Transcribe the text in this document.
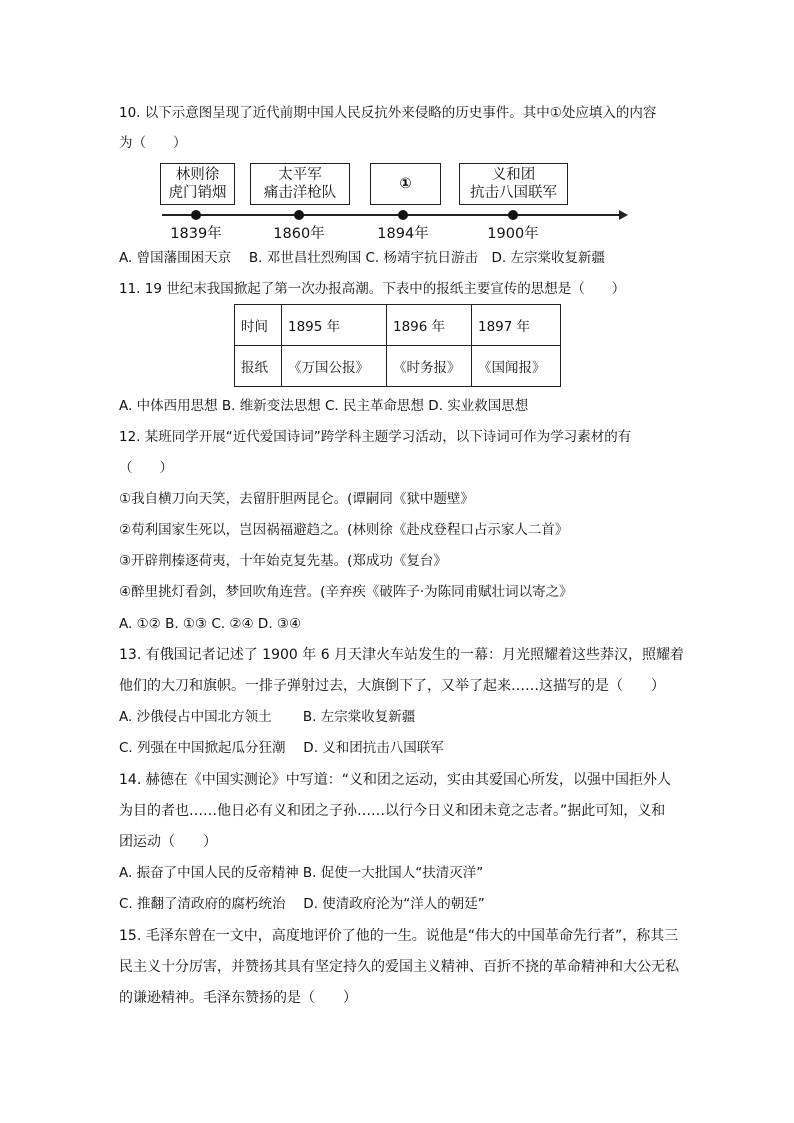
10. 以下示意图呈现了近代前期中国人民反抗外来侵略的历史事件。其中①处应填入的内容
为（　　）
林则徐
虎门销烟
太平军
痛击洋枪队
①
义和团
抗击八国联军
1839年	1860年	1894年	1900年
A. 曾国藩围困天京　 B. 邓世昌壮烈殉国 C. 杨靖宇抗日游击　D. 左宗棠收复新疆
11. 19 世纪末我国掀起了第一次办报高潮。下表中的报纸主要宣传的思想是（　　）
时间	1895 年	1896 年	1897 年
报纸	《万国公报》	《时务报》	《国闻报》
A. 中体西用思想 B. 维新变法思想 C. 民主革命思想 D. 实业救国思想
12. 某班同学开展“近代爱国诗词”跨学科主题学习活动，以下诗词可作为学习素材的有
（　　）
①我自横刀向天笑，去留肝胆两昆仑。(谭嗣同《狱中题壁》
②苟利国家生死以，岂因祸福避趋之。(林则徐《赴戍登程口占示家人二首》
③开辟荆榛逐荷夷，十年始克复先基。(郑成功《复台》
④醉里挑灯看剑，梦回吹角连营。(辛弃疾《破阵子·为陈同甫赋壮词以寄之》
A. ①② B. ①③ C. ②④ D. ③④
13. 有俄国记者记述了 1900 年 6 月天津火车站发生的一幕：月光照耀着这些莽汉，照耀着
他们的大刀和旗帜。一排子弹射过去，大旗倒下了，又举了起来……这描写的是（　　）
A. 沙俄侵占中国北方领土　　 B. 左宗棠收复新疆
C. 列强在中国掀起瓜分狂潮　 D. 义和团抗击八国联军
14. 赫德在《中国实测论》中写道：“义和团之运动，实由其爱国心所发，以强中国拒外人
为目的者也……他日必有义和团之子孙……以行今日义和团未竟之志者。”据此可知，义和
团运动（　　）
A. 振奋了中国人民的反帝精神 B. 促使一大批国人“扶清灭洋”
C. 推翻了清政府的腐朽统治　 D. 使清政府沦为“洋人的朝廷”
15. 毛泽东曾在一文中，高度地评价了他的一生。说他是“伟大的中国革命先行者”，称其三
民主义十分厉害，并赞扬其具有坚定持久的爱国主义精神、百折不挠的革命精神和大公无私
的谦逊精神。毛泽东赞扬的是（　　）
